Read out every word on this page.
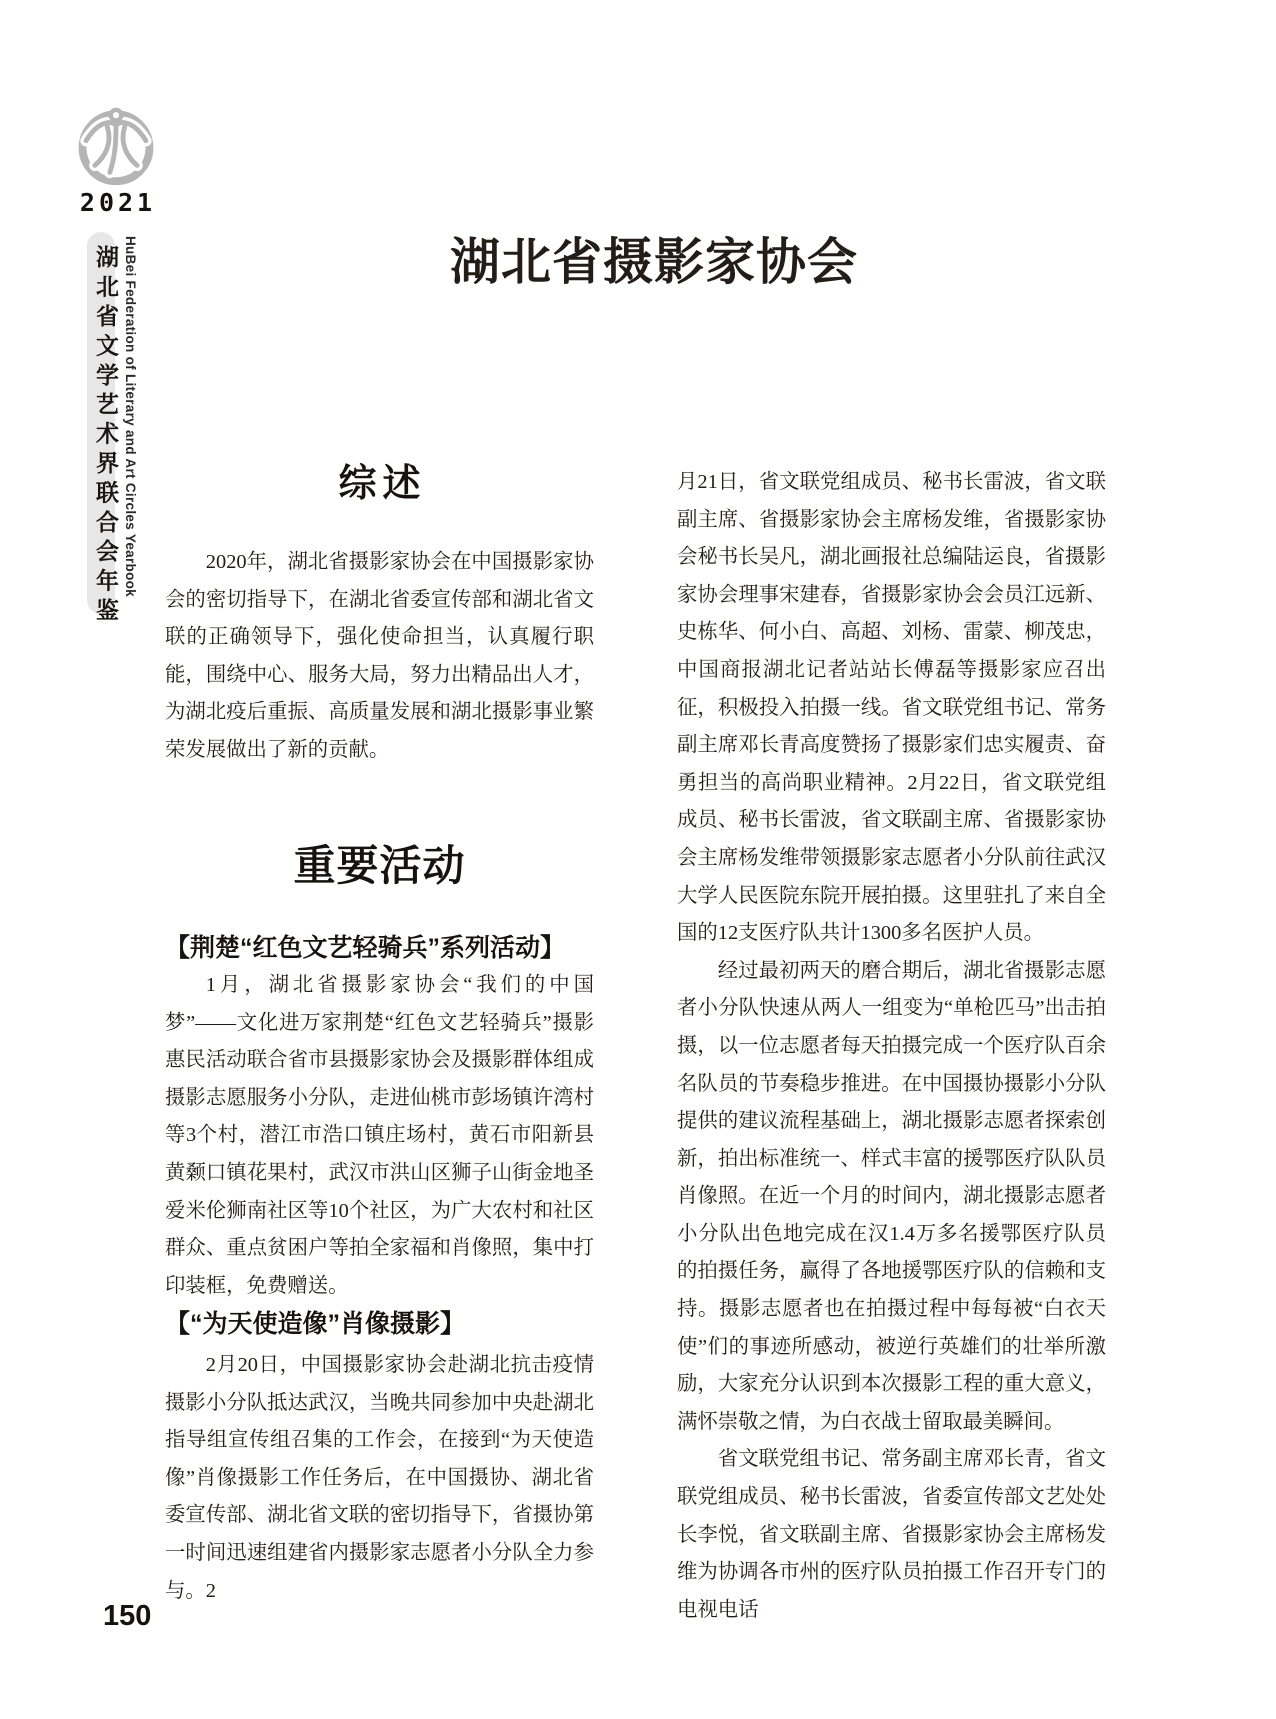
2021
湖北省文学艺术界联合会年鉴 HuBei Federation of Literary and Art Circles Yearbook
150
湖北省摄影家协会
综述

2020年，湖北省摄影家协会在中国摄影家协会的密切指导下，在湖北省委宣传部和湖北省文联的正确领导下，强化使命担当，认真履行职能，围绕中心、服务大局，努力出精品出人才，为湖北疫后重振、高质量发展和湖北摄影事业繁荣发展做出了新的贡献。

重要活动
【荆楚“红色文艺轻骑兵”系列活动】

1月，湖北省摄影家协会“我们的中国梦”——文化进万家荆楚“红色文艺轻骑兵”摄影惠民活动联合省市县摄影家协会及摄影群体组成摄影志愿服务小分队，走进仙桃市彭场镇许湾村等3个村，潜江市浩口镇庄场村，黄石市阳新县黄颡口镇花果村，武汉市洪山区狮子山街金地圣爱米伦狮南社区等10个社区，为广大农村和社区群众、重点贫困户等拍全家福和肖像照，集中打印装框，免费赠送。

【“为天使造像”肖像摄影】

2月20日，中国摄影家协会赴湖北抗击疫情摄影小分队抵达武汉，当晚共同参加中央赴湖北指导组宣传组召集的工作会，在接到“为天使造像”肖像摄影工作任务后，在中国摄协、湖北省委宣传部、湖北省文联的密切指导下，省摄协第一时间迅速组建省内摄影家志愿者小分队全力参与。2

月21日，省文联党组成员、秘书长雷波，省文联副主席、省摄影家协会主席杨发维，省摄影家协会秘书长吴凡，湖北画报社总编陆运良，省摄影家协会理事宋建春，省摄影家协会会员江远新、史栋华、何小白、高超、刘杨、雷蒙、柳茂忠，中国商报湖北记者站站长傅磊等摄影家应召出征，积极投入拍摄一线。省文联党组书记、常务副主席邓长青高度赞扬了摄影家们忠实履责、奋勇担当的高尚职业精神。2月22日，省文联党组成员、秘书长雷波，省文联副主席、省摄影家协会主席杨发维带领摄影家志愿者小分队前往武汉大学人民医院东院开展拍摄。这里驻扎了来自全国的12支医疗队共计1300多名医护人员。

经过最初两天的磨合期后，湖北省摄影志愿者小分队快速从两人一组变为“单枪匹马”出击拍摄，以一位志愿者每天拍摄完成一个医疗队百余名队员的节奏稳步推进。在中国摄协摄影小分队提供的建议流程基础上，湖北摄影志愿者探索创新，拍出标准统一、样式丰富的援鄂医疗队队员肖像照。在近一个月的时间内，湖北摄影志愿者小分队出色地完成在汉1.4万多名援鄂医疗队员的拍摄任务，赢得了各地援鄂医疗队的信赖和支持。摄影志愿者也在拍摄过程中每每被“白衣天使”们的事迹所感动，被逆行英雄们的壮举所激励，大家充分认识到本次摄影工程的重大意义，满怀崇敬之情，为白衣战士留取最美瞬间。

省文联党组书记、常务副主席邓长青，省文联党组成员、秘书长雷波，省委宣传部文艺处处长李悦，省文联副主席、省摄影家协会主席杨发维为协调各市州的医疗队员拍摄工作召开专门的电视电话
